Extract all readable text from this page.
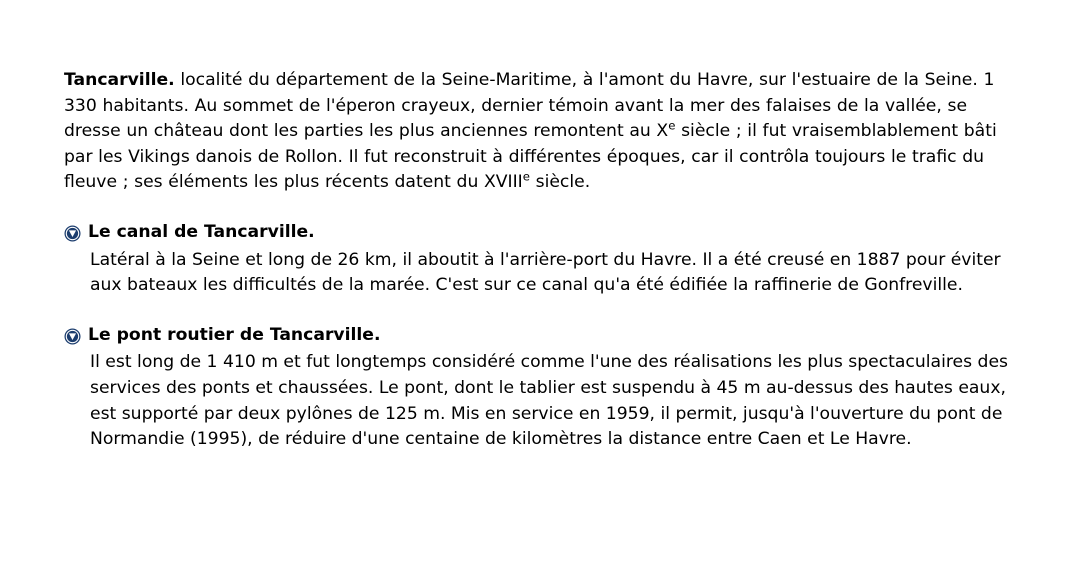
Tancarville. localité du département de la Seine-Maritime, à l'amont du Havre, sur l'estuaire de la Seine. 1 330 habitants. Au sommet de l'éperon crayeux, dernier témoin avant la mer des falaises de la vallée, se dresse un château dont les parties les plus anciennes remontent au Xe siècle ; il fut vraisemblablement bâti par les Vikings danois de Rollon. Il fut reconstruit à différentes époques, car il contrôla toujours le trafic du fleuve ; ses éléments les plus récents datent du XVIIIe siècle.

Le canal de Tancarville.

Latéral à la Seine et long de 26 km, il aboutit à l'arrière-port du Havre. Il a été creusé en 1887 pour éviter aux bateaux les difficultés de la marée. C'est sur ce canal qu'a été édifiée la raffinerie de Gonfreville.

Le pont routier de Tancarville.

Il est long de 1 410 m et fut longtemps considéré comme l'une des réalisations les plus spectaculaires des services des ponts et chaussées. Le pont, dont le tablier est suspendu à 45 m au-dessus des hautes eaux, est supporté par deux pylônes de 125 m. Mis en service en 1959, il permit, jusqu'à l'ouverture du pont de Normandie (1995), de réduire d'une centaine de kilomètres la distance entre Caen et Le Havre.
